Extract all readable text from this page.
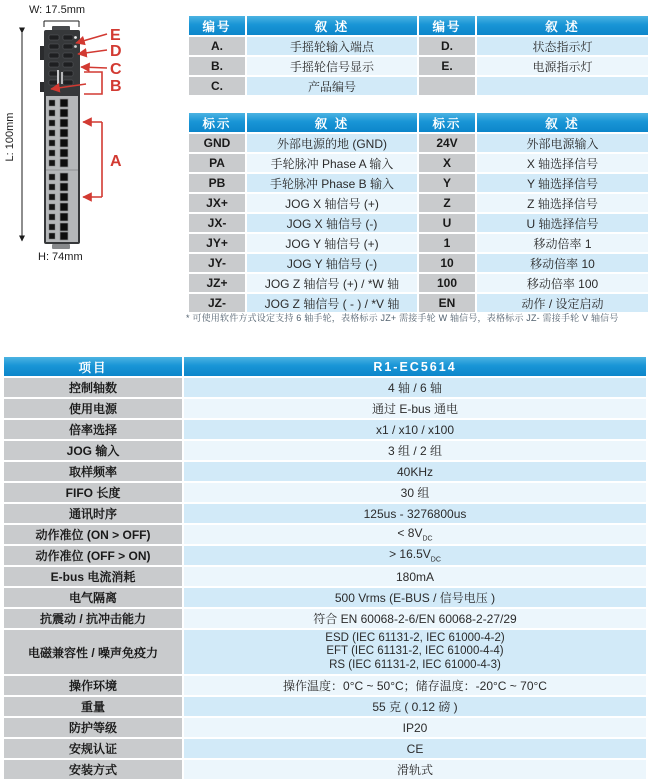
W: 17.5mm
L: 100mm
H: 74mm
E
D
C
B
A
编号	叙 述	编号	叙 述
A.	手摇轮输入端点	D.	状态指示灯
B.	手摇轮信号显示	E.	电源指示灯
C.	产品编号		
标示	叙 述	标示	叙 述
GND	外部电源的地 (GND)	24V	外部电源输入
PA	手轮脉冲 Phase A 输入	X	X 轴选择信号
PB	手轮脉冲 Phase B 输入	Y	Y 轴选择信号
JX+	JOG X 轴信号 (+)	Z	Z 轴选择信号
JX-	JOG X 轴信号 (-)	U	U 轴选择信号
JY+	JOG Y 轴信号 (+)	1	移动倍率 1
JY-	JOG Y 轴信号 (-)	10	移动倍率 10
JZ+	JOG Z 轴信号 (+) / *W 轴	100	移动倍率 100
JZ-	JOG Z 轴信号 ( - ) / *V 轴	EN	动作 / 设定启动

* 可使用软件方式设定支持 6 轴手轮，表格标示 JZ+ 需接手轮 W 轴信号，表格标示 JZ- 需接手轮 V 轴信号

项目	R1-EC5614
控制轴数	4 轴 / 6 轴
使用电源	通过 E-bus 通电
倍率选择	x1 / x10 / x100
JOG 输入	3 组 / 2 组
取样频率	40KHz
FIFO 长度	30 组
通讯时序	125us - 3276800us
动作准位 (ON > OFF)	< $8V_{DC}$
动作准位 (OFF > ON)	> $16.5V_{DC}$
E-bus 电流消耗	180mA
电气隔离	500 Vrms (E-BUS / 信号电压 )
抗震动 / 抗冲击能力	符合 EN 60068-2-6/EN 60068-2-27/29
电磁兼容性 / 噪声免疫力	ESD (IEC 61131-2, IEC 61000-4-2)
EFT (IEC 61131-2, IEC 61000-4-4)
RS (IEC 61131-2, IEC 61000-4-3)

操作环境	操作温度：0°C ~ 50°C；储存温度：-20°C ~ 70°C
重量	55 克 ( 0.12 磅 )
防护等级	IP20
安规认证	CE
安装方式	滑轨式
